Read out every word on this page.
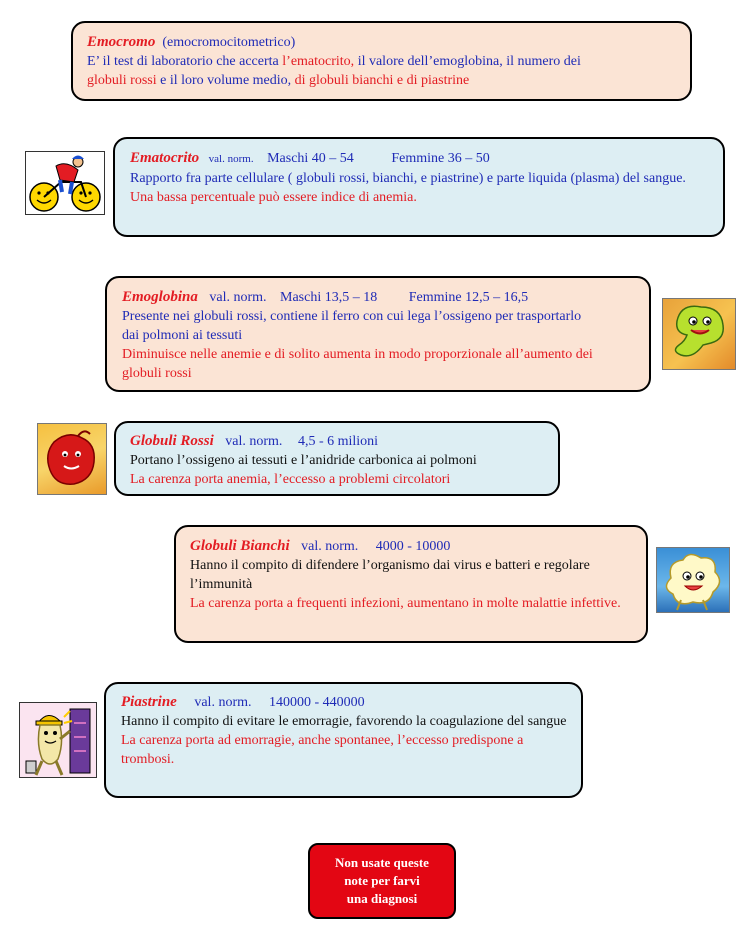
Emocromo (emocromocitometrico)
E’ il test di laboratorio che accerta l’ematocrito, il valore dell’emoglobina, il numero dei
globuli rossi e il loro volume medio, di globuli bianchi e di piastrine
Ematocrito val. norm. Maschi 40 – 54	Femmine 36 – 50
Rapporto fra parte cellulare ( globuli rossi, bianchi, e piastrine) e parte liquida (plasma) del sangue.
Una bassa percentuale può essere indice di anemia.
Emoglobina val. norm. Maschi 13,5 – 18 Femmine 12,5 – 16,5
Presente nei globuli rossi, contiene il ferro con cui lega l’ossigeno per trasportarlo dai polmoni ai tessuti
Diminuisce nelle anemie e di solito aumenta in modo proporzionale all’aumento dei globuli rossi
Globuli Rossi val. norm. 4,5 - 6 milioni
Portano l’ossigeno ai tessuti e l’anidride carbonica ai polmoni
La carenza porta anemia, l’eccesso a problemi circolatori
Globuli Bianchi val. norm. 4000 - 10000
Hanno il compito di difendere l’organismo dai virus e batteri e regolare l’immunità
La carenza porta a frequenti infezioni, aumentano in molte malattie infettive.
Piastrine val. norm. 140000 - 440000
Hanno il compito di evitare le emorragie, favorendo la coagulazione del sangue
La carenza porta ad emorragie, anche spontanee, l’eccesso predispone a trombosi.
Non usate queste
note per farvi
una diagnosi
